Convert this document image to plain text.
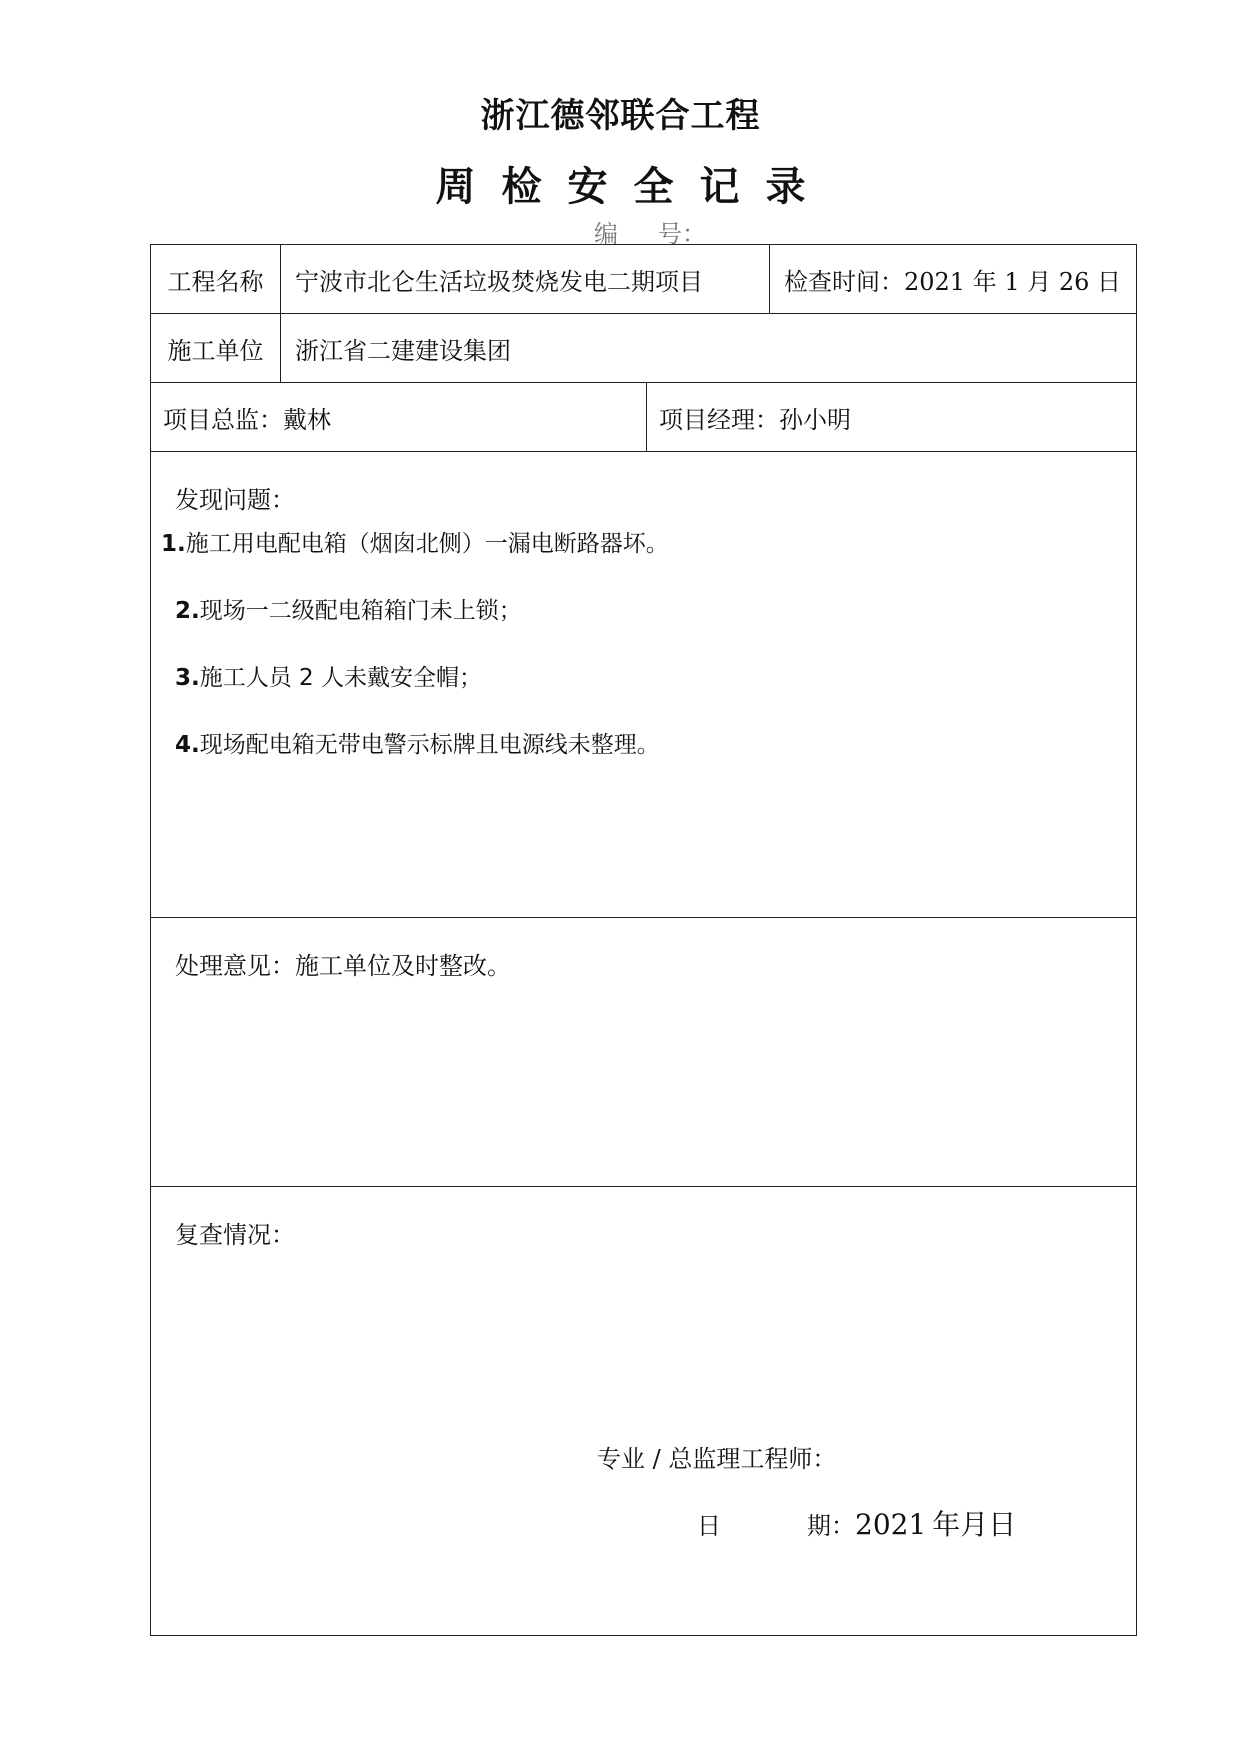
浙江德邻联合工程
周检安全记录
编 号：
工程名称	宁波市北仑生活垃圾焚烧发电二期项目		检查时间：2021 年 1 月 26 日
施工单位	浙江省二建建设集团		
项目总监：戴林		项目经理：孙小明	

发现问题：

1.施工用电配电箱（烟囱北侧）一漏电断路器坏。

2.现场一二级配电箱箱门未上锁；

3.施工人员 2 人未戴安全帽；

4.现场配电箱无带电警示标牌且电源线未整理。			

处理意见：施工单位及时整改。			

复查情况：
专业 / 总监理工程师：
日 期：2021 年月日			
